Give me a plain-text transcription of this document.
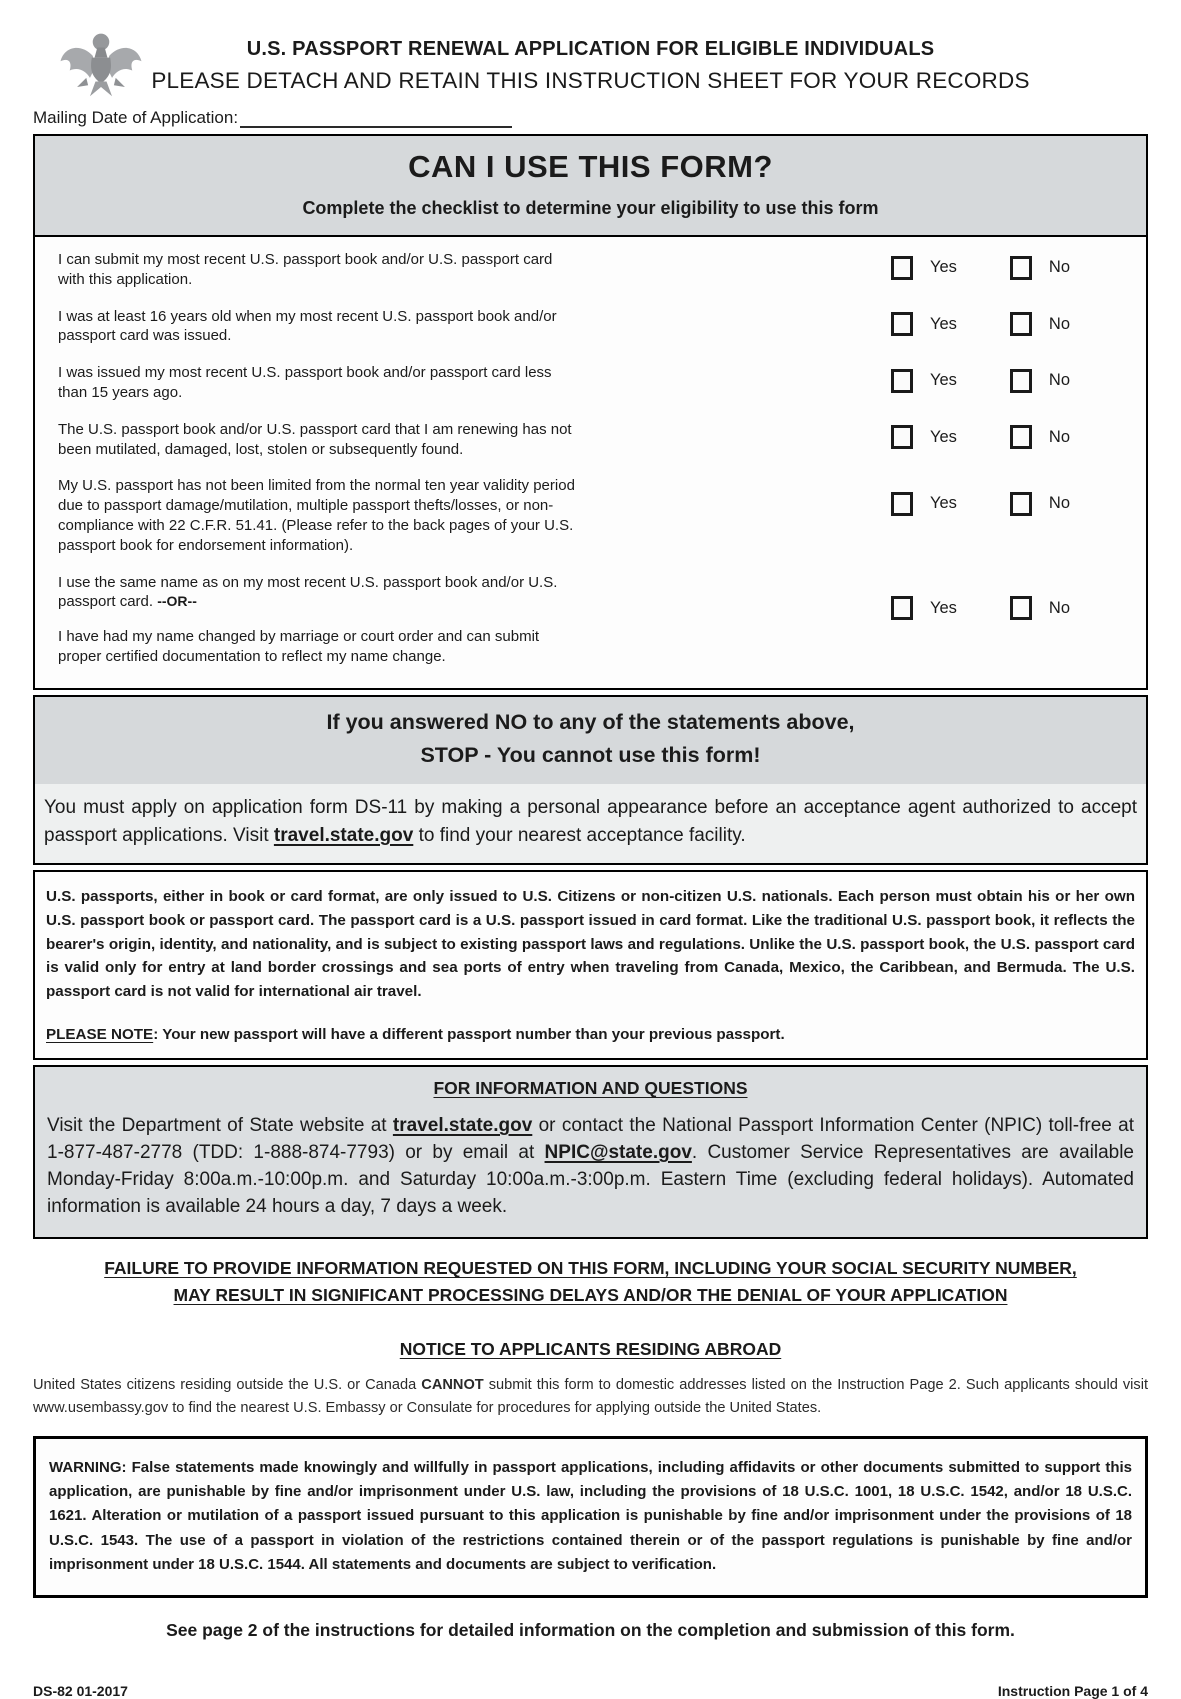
U.S. PASSPORT RENEWAL APPLICATION FOR ELIGIBLE INDIVIDUALS
PLEASE DETACH AND RETAIN THIS INSTRUCTION SHEET FOR YOUR RECORDS
Mailing Date of Application:
CAN I USE THIS FORM?
Complete the checklist to determine your eligibility to use this form
I can submit my most recent U.S. passport book and/or U.S. passport card with this application.
Yes	No
I was at least 16 years old when my most recent U.S. passport book and/or passport card was issued.
Yes	No
I was issued my most recent U.S. passport book and/or passport card less than 15 years ago.
Yes	No
The U.S. passport book and/or U.S. passport card that I am renewing has not been mutilated, damaged, lost, stolen or subsequently found.
Yes	No
My U.S. passport has not been limited from the normal ten year validity period due to passport damage/mutilation, multiple passport thefts/losses, or non-compliance with 22 C.F.R. 51.41. (Please refer to the back pages of your U.S. passport book for endorsement information).
Yes	No
I use the same name as on my most recent U.S. passport book and/or U.S. passport card. --OR--
I have had my name changed by marriage or court order and can submit proper certified documentation to reflect my name change.
Yes	No
If you answered NO to any of the statements above,
STOP - You cannot use this form!
You must apply on application form DS-11 by making a personal appearance before an acceptance agent authorized to accept passport applications. Visit travel.state.gov to find your nearest acceptance facility.
U.S. passports, either in book or card format, are only issued to U.S. Citizens or non-citizen U.S. nationals. Each person must obtain his or her own U.S. passport book or passport card. The passport card is a U.S. passport issued in card format. Like the traditional U.S. passport book, it reflects the bearer's origin, identity, and nationality, and is subject to existing passport laws and regulations. Unlike the U.S. passport book, the U.S. passport card is valid only for entry at land border crossings and sea ports of entry when traveling from Canada, Mexico, the Caribbean, and Bermuda. The U.S. passport card is not valid for international air travel.
PLEASE NOTE: Your new passport will have a different passport number than your previous passport.
FOR INFORMATION AND QUESTIONS
Visit the Department of State website at travel.state.gov or contact the National Passport Information Center (NPIC) toll-free at 1-877-487-2778 (TDD: 1-888-874-7793) or by email at NPIC@state.gov. Customer Service Representatives are available Monday-Friday 8:00a.m.-10:00p.m. and Saturday 10:00a.m.-3:00p.m. Eastern Time (excluding federal holidays). Automated information is available 24 hours a day, 7 days a week.
FAILURE TO PROVIDE INFORMATION REQUESTED ON THIS FORM, INCLUDING YOUR SOCIAL SECURITY NUMBER,
MAY RESULT IN SIGNIFICANT PROCESSING DELAYS AND/OR THE DENIAL OF YOUR APPLICATION
NOTICE TO APPLICANTS RESIDING ABROAD
United States citizens residing outside the U.S. or Canada CANNOT submit this form to domestic addresses listed on the Instruction Page 2. Such applicants should visit www.usembassy.gov to find the nearest U.S. Embassy or Consulate for procedures for applying outside the United States.
WARNING: False statements made knowingly and willfully in passport applications, including affidavits or other documents submitted to support this application, are punishable by fine and/or imprisonment under U.S. law, including the provisions of 18 U.S.C. 1001, 18 U.S.C. 1542, and/or 18 U.S.C. 1621. Alteration or mutilation of a passport issued pursuant to this application is punishable by fine and/or imprisonment under the provisions of 18 U.S.C. 1543. The use of a passport in violation of the restrictions contained therein or of the passport regulations is punishable by fine and/or imprisonment under 18 U.S.C. 1544. All statements and documents are subject to verification.
See page 2 of the instructions for detailed information on the completion and submission of this form.
DS-82 01-2017	Instruction Page 1 of 4
